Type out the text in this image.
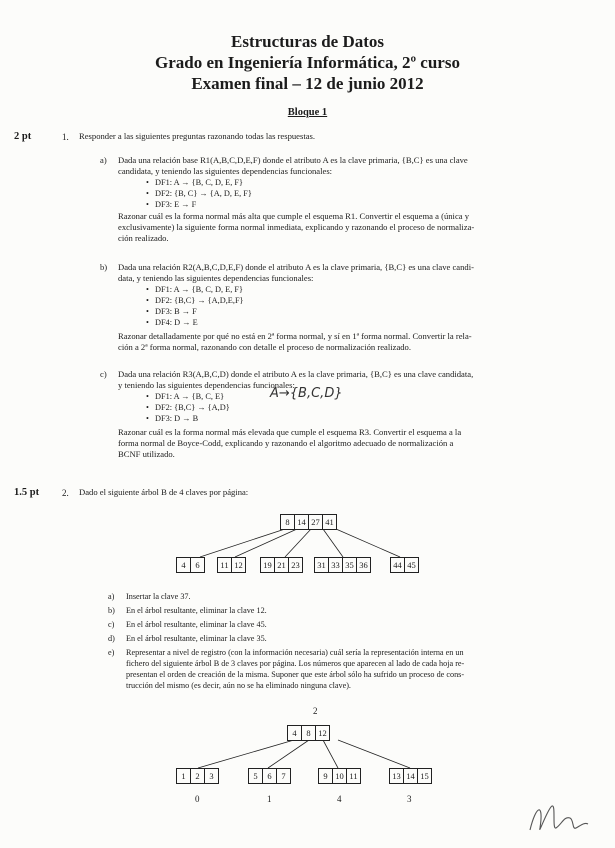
Estructuras de Datos
Grado en Ingeniería Informática, 2º curso
Examen final – 12 de junio 2012
Bloque 1
2 pt	1. Responder a las siguientes preguntas razonando todas las respuestas.
a) Dada una relación base R1(A,B,C,D,E,F) donde el atributo A es la clave primaria, {B,C} es una clave
candidata, y teniendo las siguientes dependencias funcionales:
• DF1: A → {B, C, D, E, F}
• DF2: {B, C} → {A, D, E, F}
• DF3: E → F
Razonar cuál es la forma normal más alta que cumple el esquema R1. Convertir el esquema a (única y
exclusivamente) la siguiente forma normal inmediata, explicando y razonando el proceso de normaliza-
ción realizado.
b) Dada una relación R2(A,B,C,D,E,F) donde el atributo A es la clave primaria, {B,C} es una clave candi-
data, y teniendo las siguientes dependencias funcionales:
• DF1: A → {B, C, D, E, F}
• DF2: {B,C} → {A,D,E,F}
• DF3: B → F
• DF4: D → E
Razonar detalladamente por qué no está en 2ª forma normal, y sí en 1ª forma normal. Convertir la rela-
ción a 2ª forma normal, razonando con detalle el proceso de normalización realizado.
c) Dada una relación R3(A,B,C,D) donde el atributo A es la clave primaria, {B,C} es una clave candidata,
y teniendo las siguientes dependencias funcionales:
• DF1: A → {B, C, E}	A→{B,C,D}
• DF2: {B,C} → {A,D}
• DF3: D → B
Razonar cuál es la forma normal más elevada que cumple el esquema R3. Convertir el esquema a la
forma normal de Boyce-Codd, explicando y razonando el algoritmo adecuado de normalización a
BCNF utilizado.
1.5 pt	2. Dado el siguiente árbol B de 4 claves por página:
8 14 27 41
4	6	11 12 19 21 23 31 33 35 36	44 45
a) Insertar la clave 37.
b) En el árbol resultante, eliminar la clave 12.
c) En el árbol resultante, eliminar la clave 45.
d) En el árbol resultante, eliminar la clave 35.
e) Representar a nivel de registro (con la información necesaria) cuál sería la representación interna en un
fichero del siguiente árbol B de 3 claves por página. Los números que aparecen al lado de cada hoja re-
presentan el orden de creación de la misma. Suponer que este árbol sólo ha sufrido un proceso de cons-
trucción del mismo (es decir, aún no se ha eliminado ninguna clave).
2
4	8 12
1	2	3	5	6	7	9 10 11	13 14 15
0	1	4	3
